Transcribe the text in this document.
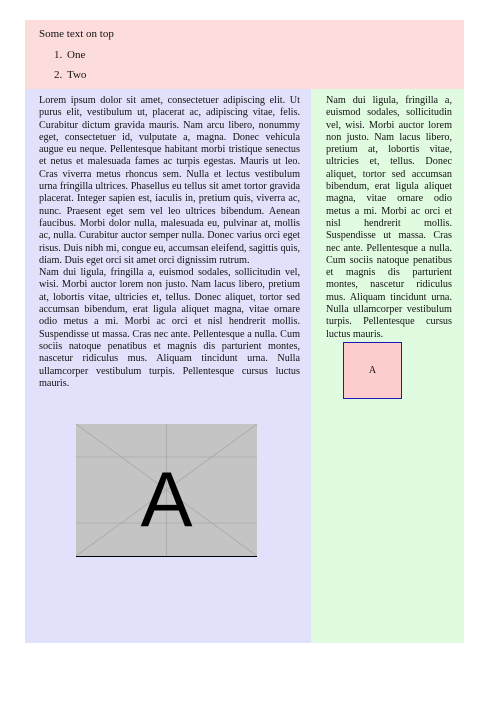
Some text on top
1. One
2. Two

Lorem ipsum dolor sit amet, consectetuer adipiscing elit. Ut purus elit, vestibulum ut, placerat ac, adipiscing vitae, felis. Curabitur dictum gravida mauris. Nam arcu libero, nonummy eget, consectetuer id, vulputate a, magna. Donec vehicula augue eu neque. Pellentesque habitant morbi tristique senectus et netus et malesuada fames ac turpis egestas. Mauris ut leo. Cras viverra metus rhoncus sem. Nulla et lectus vestibulum urna fringilla ultrices. Phasellus eu tellus sit amet tortor gravida placerat. Integer sapien est, iaculis in, pretium quis, viverra ac, nunc. Praesent eget sem vel leo ultrices bibendum. Aenean faucibus. Morbi dolor nulla, malesuada eu, pulvinar at, mollis ac, nulla. Curabitur auctor semper nulla. Donec varius orci eget risus. Duis nibh mi, congue eu, accumsan eleifend, sagittis quis, diam. Duis eget orci sit amet orci dignissim rutrum.

Nam dui ligula, fringilla a, euismod sodales, sollicitudin vel, wisi. Morbi auctor lorem non justo. Nam lacus libero, pretium at, lobortis vitae, ultricies et, tellus. Donec aliquet, tortor sed accumsan bibendum, erat ligula aliquet magna, vitae ornare odio metus a mi. Morbi ac orci et nisl hendrerit mollis. Suspendisse ut massa. Cras nec ante. Pellentesque a nulla. Cum sociis natoque penatibus et magnis dis parturient montes, nascetur ridiculus mus. Aliquam tincidunt urna. Nulla ullamcorper vestibulum turpis. Pellentesque cursus luctus mauris.

A

Nam dui ligula, fringilla a, euismod sodales, sollicitudin vel, wisi. Morbi auctor lorem non justo. Nam lacus libero, pretium at, lobortis vitae, ultricies et, tellus. Donec aliquet, tortor sed accumsan bibendum, erat ligula aliquet magna, vitae ornare odio metus a mi. Morbi ac orci et nisl hendrerit mollis. Suspendisse ut massa. Cras nec ante. Pellentesque a nulla. Cum sociis natoque penatibus et magnis dis parturient montes, nascetur ridiculus mus. Aliquam tincidunt urna. Nulla ullamcorper vestibulum turpis. Pellentesque cursus luctus mauris.

A
